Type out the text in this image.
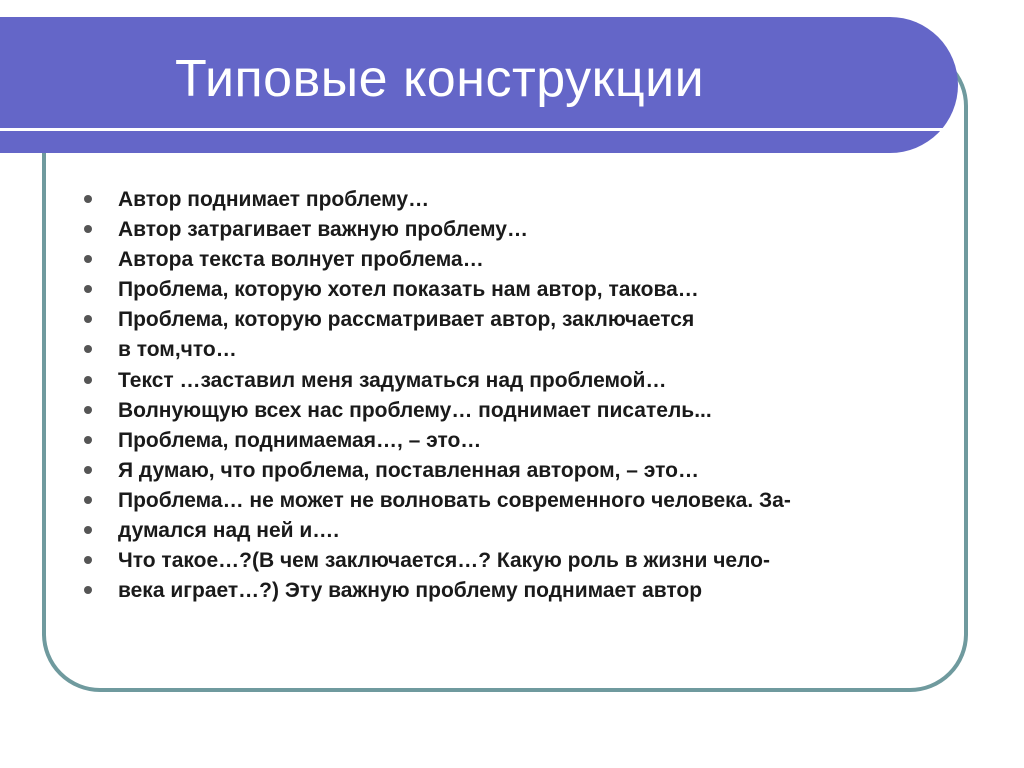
Типовые конструкции
Автор поднимает проблему…
Автор затрагивает важную проблему…
Автора текста волнует проблема…
Проблема, которую хотел показать нам автор, такова…
Проблема, которую рассматривает автор, заключается
в том,что…
Текст …заставил меня задуматься над проблемой…
Волнующую всех нас проблему… поднимает писатель...
Проблема, поднимаемая…, – это…
Я думаю, что проблема, поставленная автором, – это…
Проблема… не может не волновать современного человека. За-
думался над ней и….
Что такое…?(В чем заключается…? Какую роль в жизни чело-
века играет…?) Эту важную проблему поднимает автор
